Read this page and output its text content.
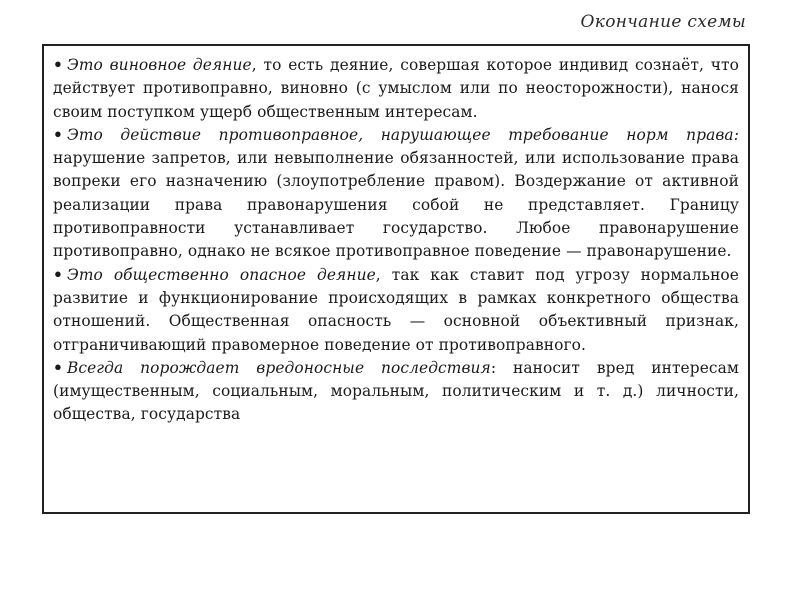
Окончание схемы

• Это виновное деяние, то есть деяние, совершая которое индивид сознаёт, что действует противоправно, виновно (с умыслом или по неосторожности), нанося своим поступком ущерб общественным интересам.

• Это действие противоправное, нарушающее требование норм права: нарушение запретов, или невыполнение обязанностей, или использование права вопреки его назначению (злоупотребление правом). Воздержание от активной реализации права правонарушения собой не представляет. Границу противоправности устанавливает государство. Любое правонарушение противоправно, однако не всякое противоправное поведение — правонарушение.

• Это общественно опасное деяние, так как ставит под угрозу нормальное развитие и функционирование происходящих в рамках конкретного общества отношений. Общественная опасность — основной объективный признак, отграничивающий правомерное поведение от противоправного.

• Всегда порождает вредоносные последствия: наносит вред интересам (имущественным, социальным, моральным, политическим и т. д.) личности, общества, государства
